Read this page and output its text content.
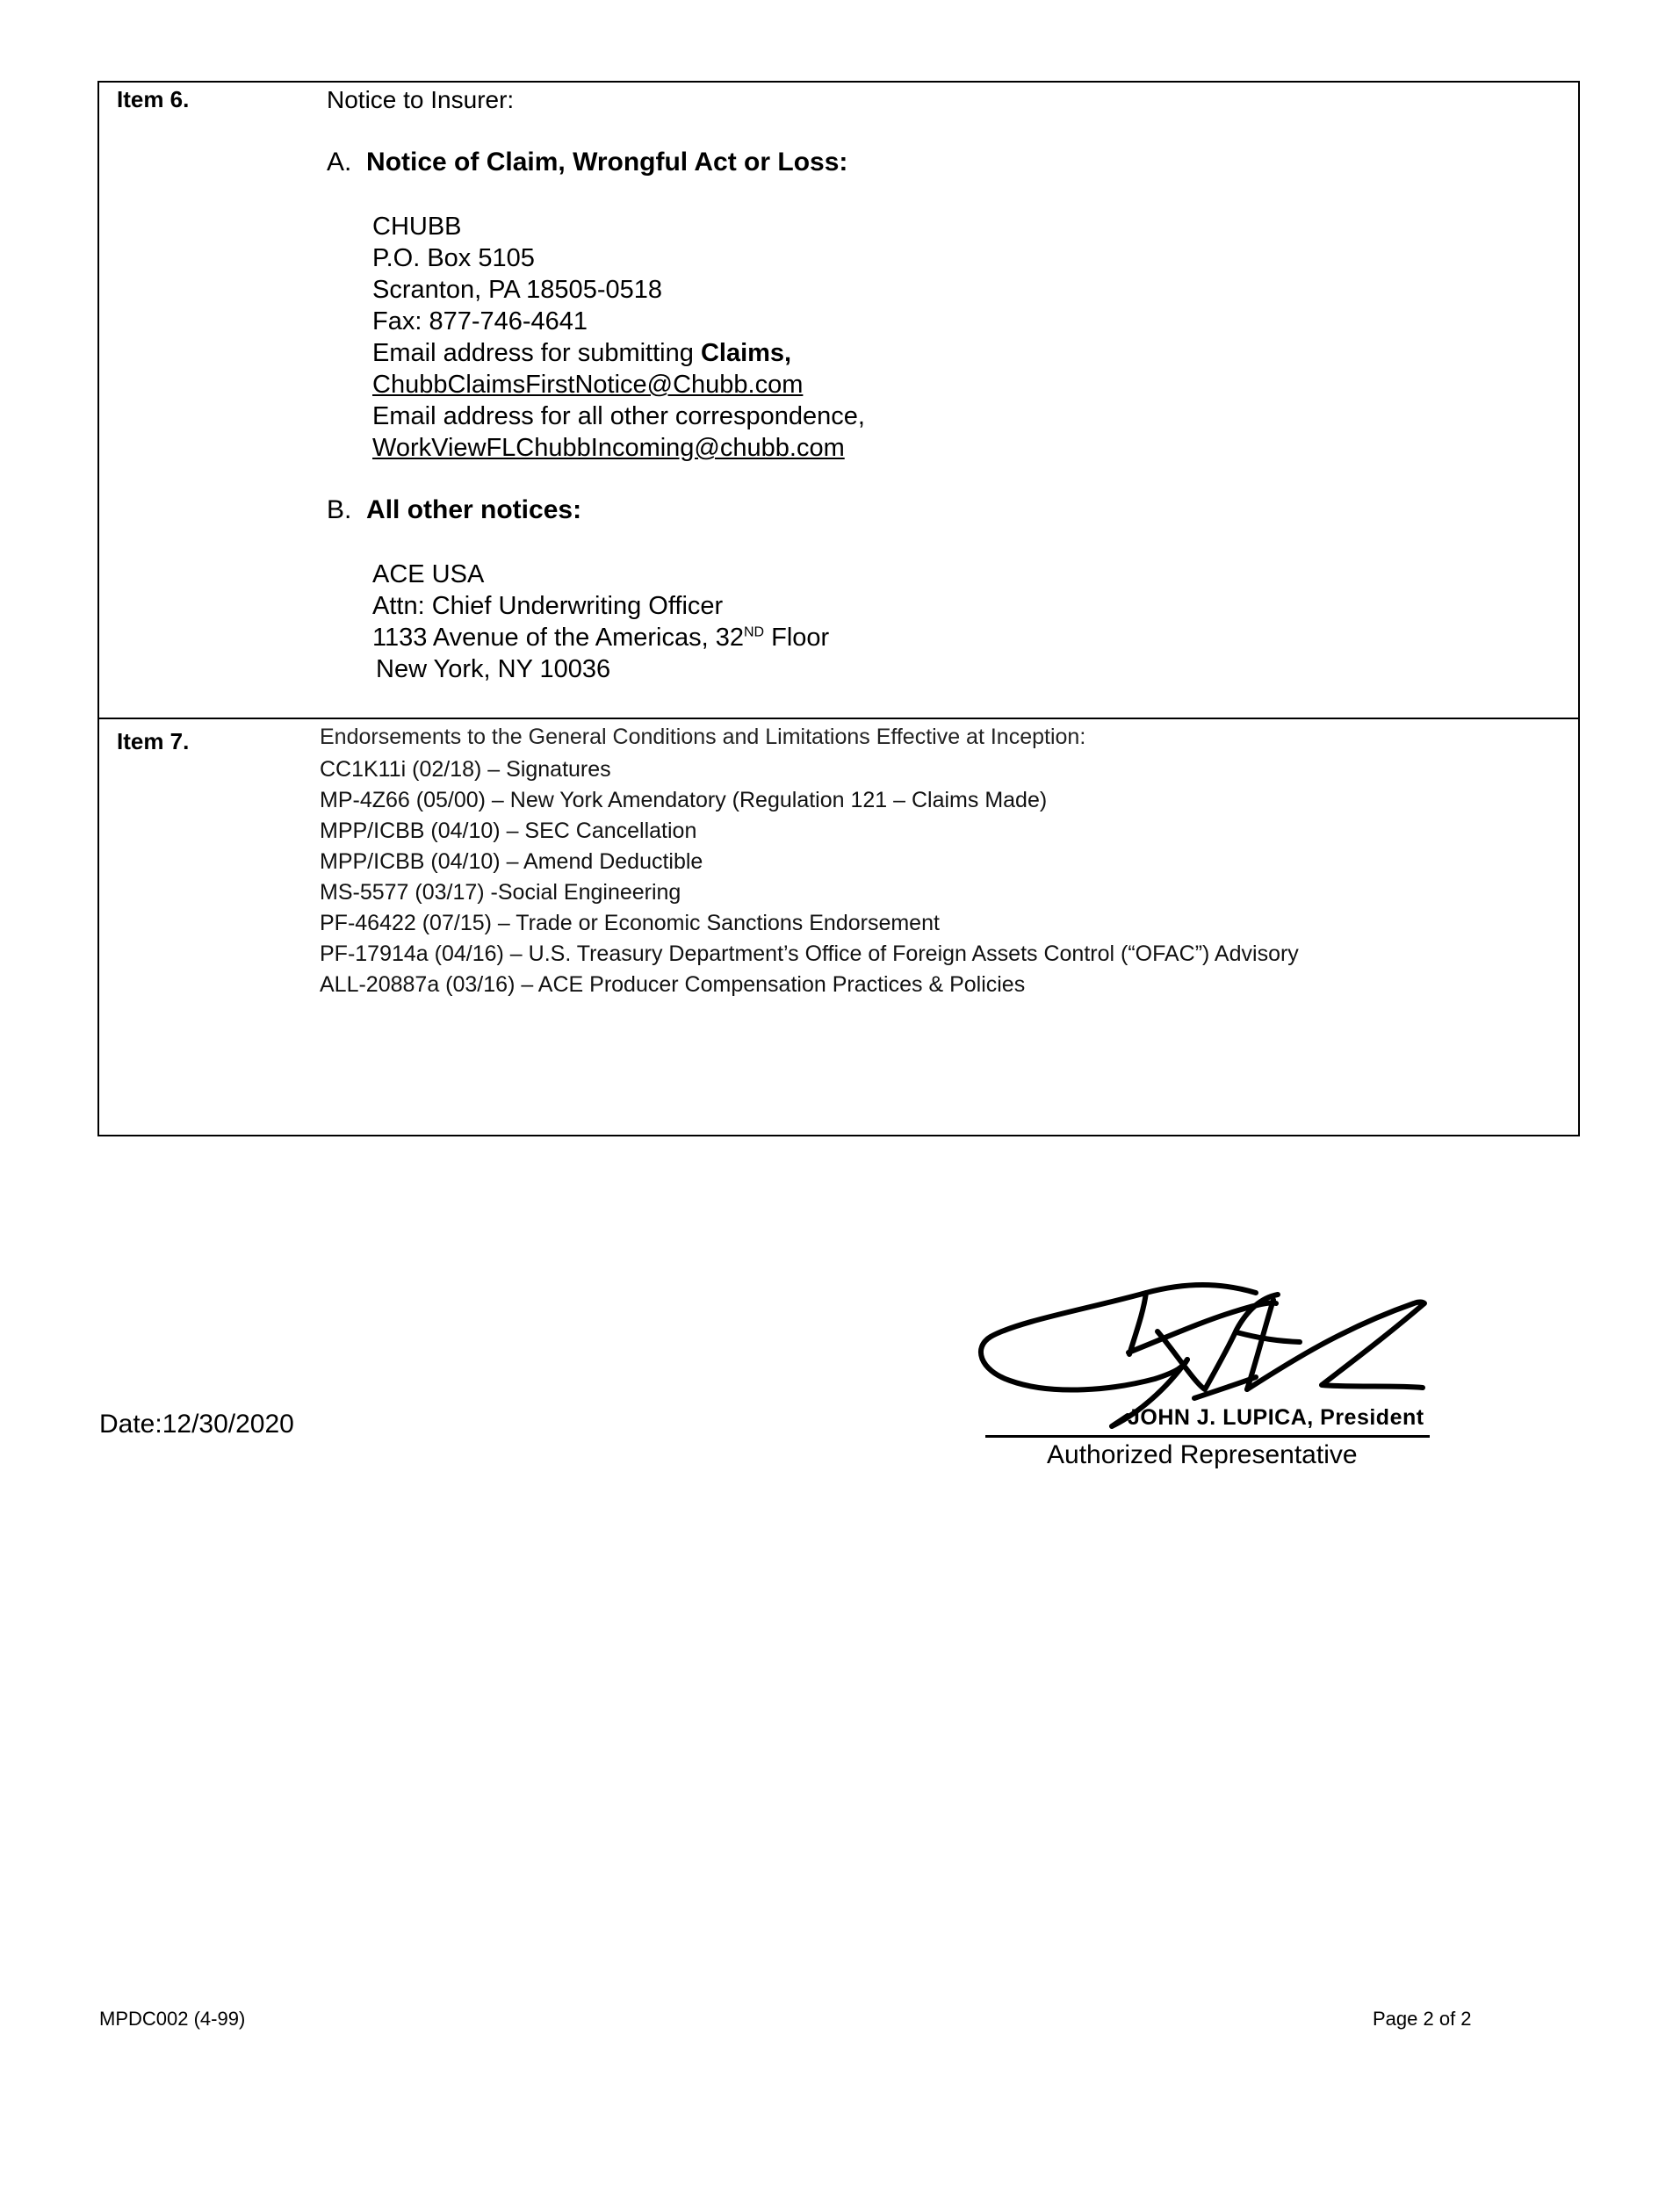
Item 6.	Notice to Insurer:
A. Notice of Claim, Wrongful Act or Loss:
CHUBB
P.O. Box 5105
Scranton, PA 18505-0518
Fax: 877-746-4641
Email address for submitting Claims,
ChubbClaimsFirstNotice@Chubb.com
Email address for all other correspondence,
WorkViewFLChubbIncoming@chubb.com
B. All other notices:
ACE USA
Attn: Chief Underwriting Officer
1133 Avenue of the Americas, 32ND Floor
New York, NY 10036
Item 7.	Endorsements to the General Conditions and Limitations Effective at Inception:
CC1K11i (02/18) – Signatures
MP-4Z66 (05/00) – New York Amendatory (Regulation 121 – Claims Made)
MPP/ICBB (04/10) – SEC Cancellation
MPP/ICBB (04/10) – Amend Deductible
MS-5577 (03/17) -Social Engineering
PF-46422 (07/15) – Trade or Economic Sanctions Endorsement
PF-17914a (04/16) – U.S. Treasury Department’s Office of Foreign Assets Control (“OFAC”) Advisory
ALL-20887a (03/16) – ACE Producer Compensation Practices & Policies
Date:12/30/2020	JOHN J. LUPICA, President
Authorized Representative
MPDC002 (4-99)	Page 2 of 2
